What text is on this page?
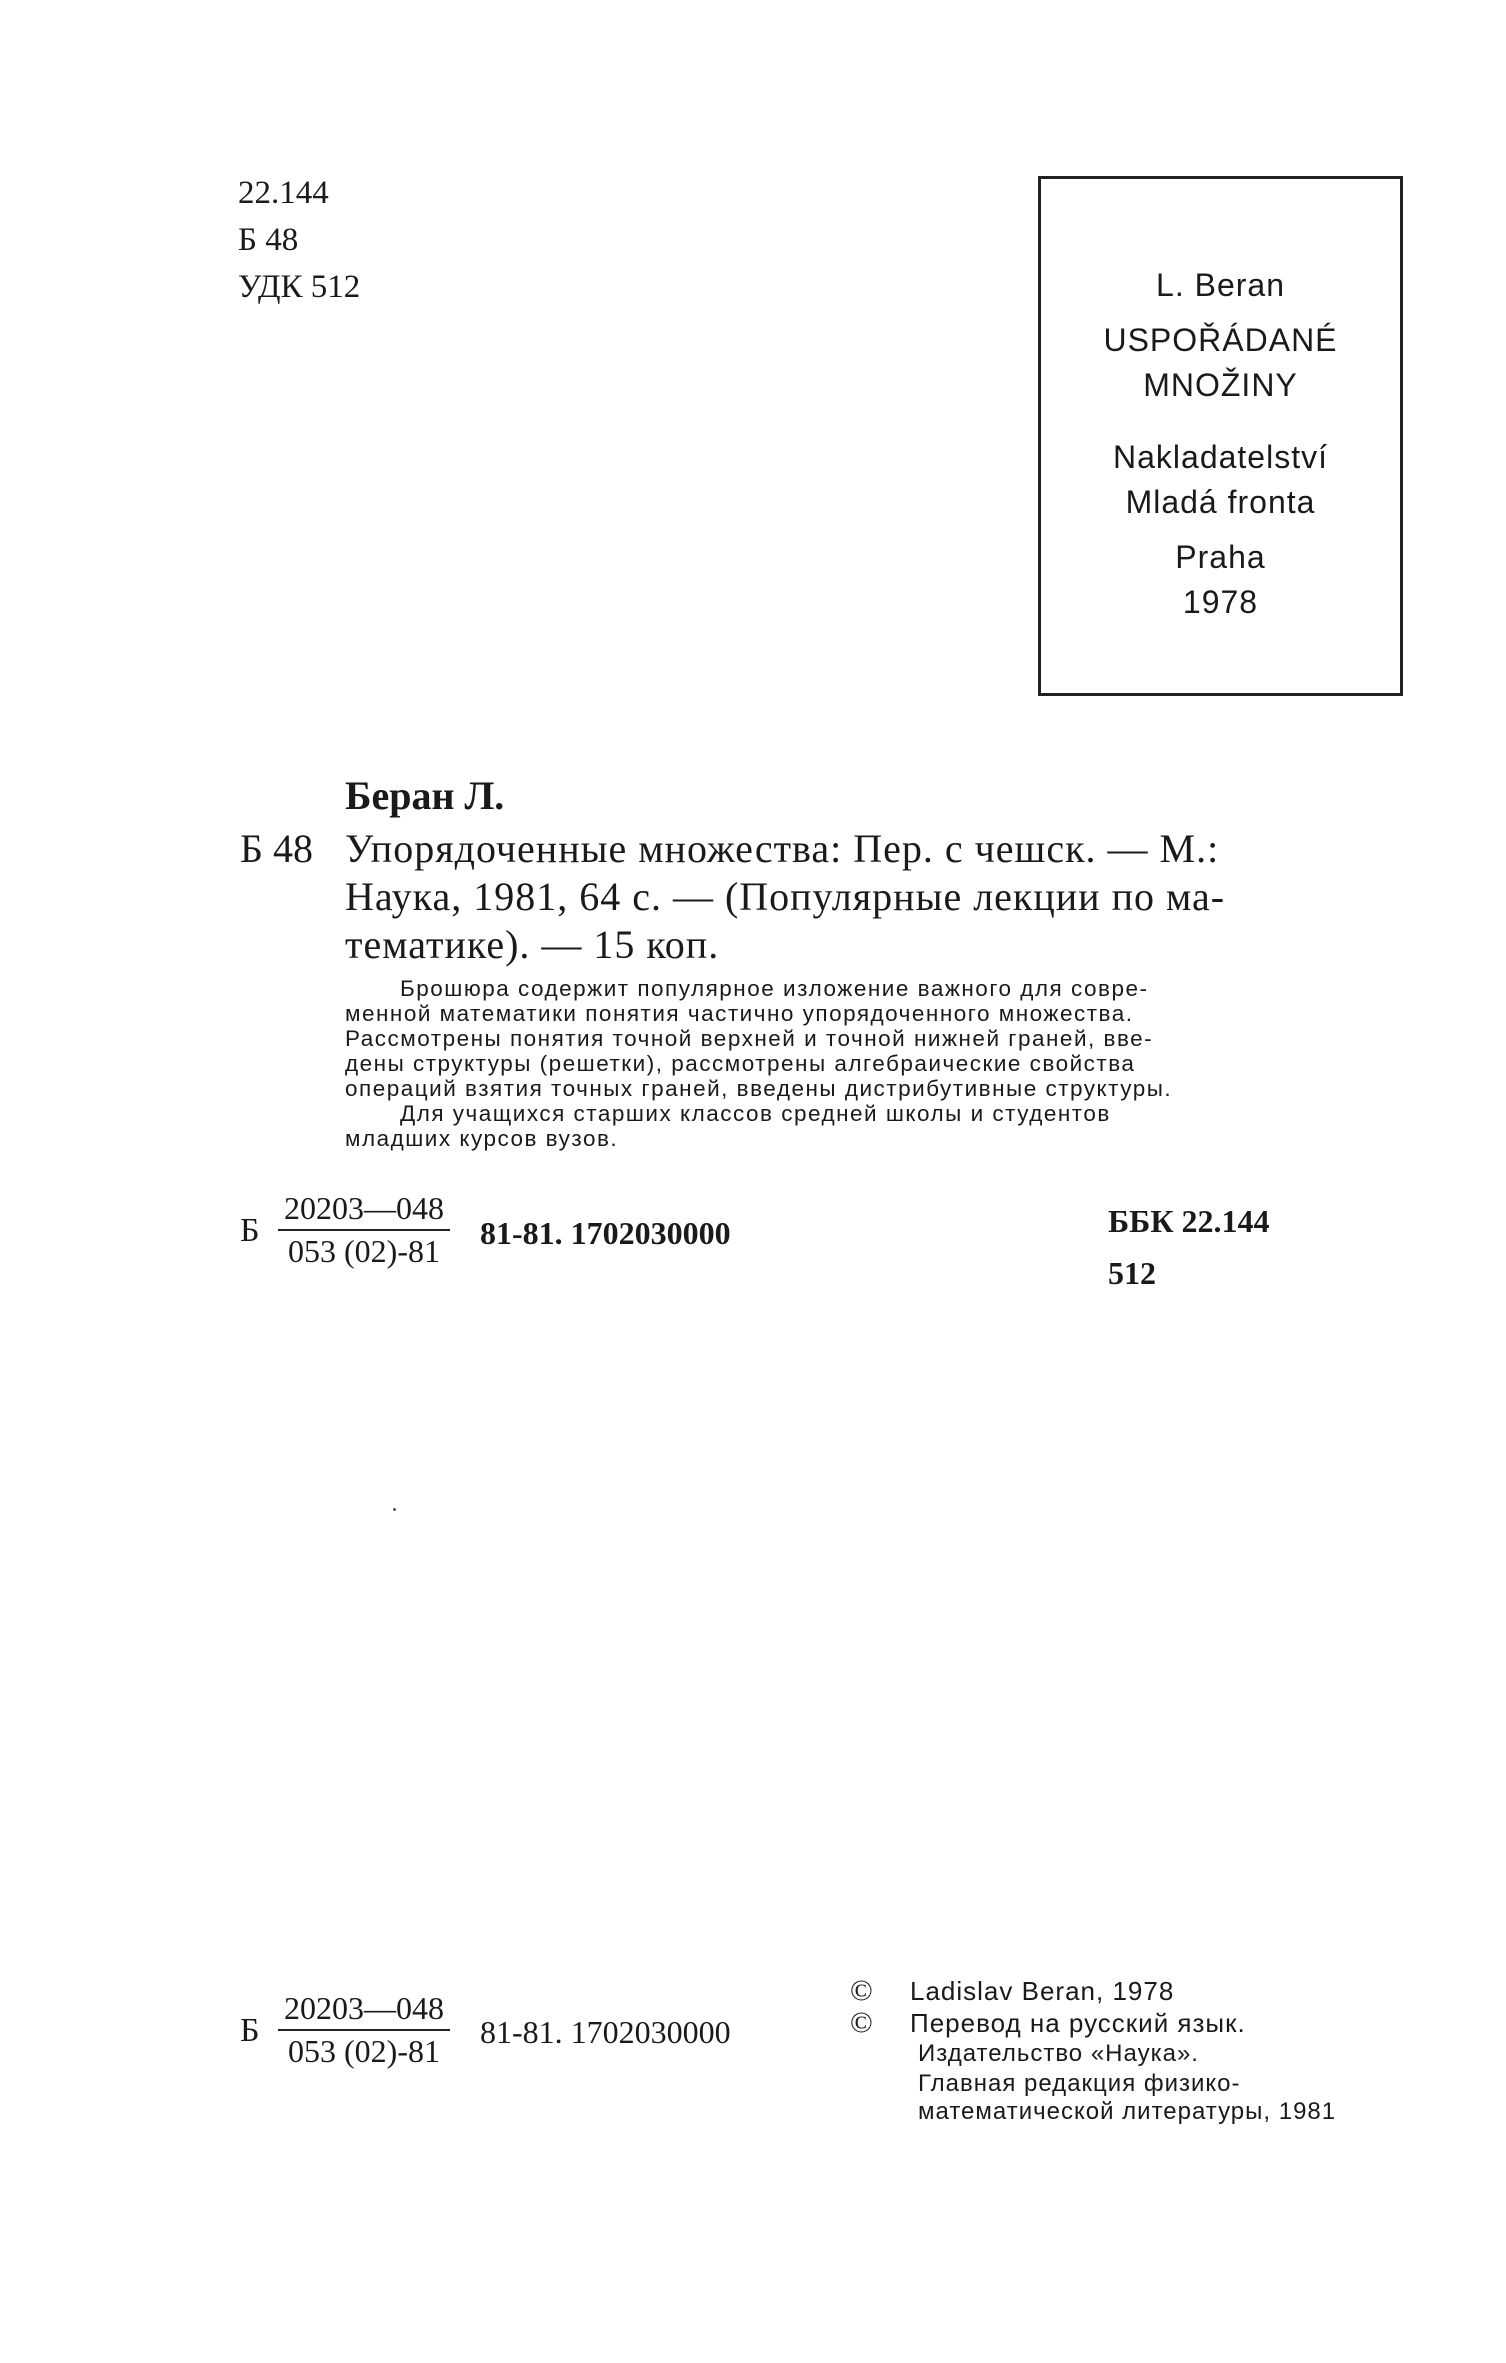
22.144
Б 48
УДК 512	L. Beran
USPOŘÁDANÉ
MNOŽINY
Nakladatelství
Mladá fronta
Praha
1978
Беран Л.
Б 48 Упорядоченные множества: Пер. с чешск. — М.:
Наука, 1981, 64 с. — (Популярные лекции по ма-
тематике). — 15 коп.

Брошюра содержит популярное изложение важного для совре-

менной математики понятия частично упорядоченного множества.

Рассмотрены понятия точной верхней и точной нижней граней, вве-

дены структуры (решетки), рассмотрены алгебраические свойства

операций взятия точных граней, введены дистрибутивные структуры.

Для учащихся старших классов средней школы и студентов

младших курсов вузов.

Б $\frac{20203—048}{053 (02)-81} 81-81$. 1702030000	ББК 22.144
512
© Ladislav Beran, 1978
© Перевод на русский язык.
Издательство «Наука».
Главная редакция физико-
математической литературы, 1981
Б $\frac{20203—048}{053 (02)-81} 81-81$. 1702030000
